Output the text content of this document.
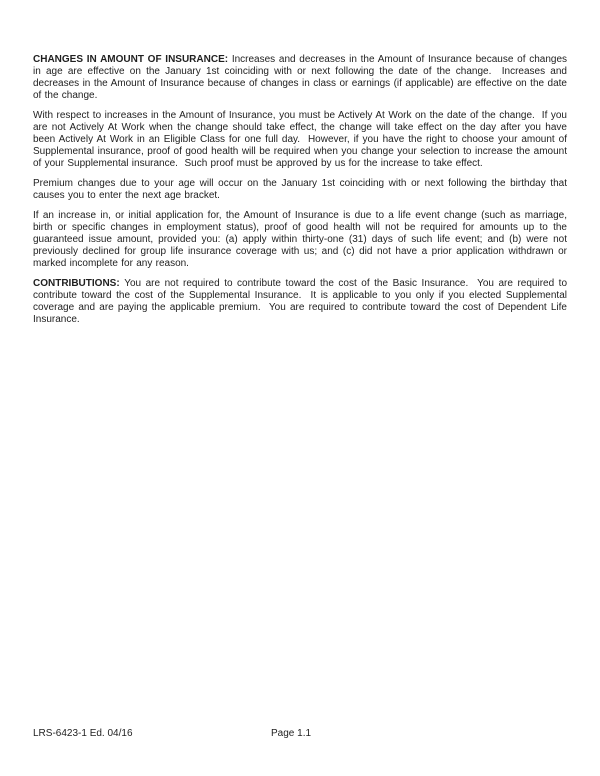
CHANGES IN AMOUNT OF INSURANCE: Increases and decreases in the Amount of Insurance because of changes in age are effective on the January 1st coinciding with or next following the date of the change.  Increases and decreases in the Amount of Insurance because of changes in class or earnings (if applicable) are effective on the date of the change.

With respect to increases in the Amount of Insurance, you must be Actively At Work on the date of the change.  If you are not Actively At Work when the change should take effect, the change will take effect on the day after you have been Actively At Work in an Eligible Class for one full day.  However, if you have the right to choose your amount of Supplemental insurance, proof of good health will be required when you change your selection to increase the amount of your Supplemental insurance.  Such proof must be approved by us for the increase to take effect.

Premium changes due to your age will occur on the January 1st coinciding with or next following the birthday that causes you to enter the next age bracket.

If an increase in, or initial application for, the Amount of Insurance is due to a life event change (such as marriage, birth or specific changes in employment status), proof of good health will not be required for amounts up to the guaranteed issue amount, provided you: (a) apply within thirty-one (31) days of such life event; and (b) were not previously declined for group life insurance coverage with us; and (c) did not have a prior application withdrawn or marked incomplete for any reason.

CONTRIBUTIONS: You are not required to contribute toward the cost of the Basic Insurance.  You are required to contribute toward the cost of the Supplemental Insurance.  It is applicable to you only if you elected Supplemental coverage and are paying the applicable premium.  You are required to contribute toward the cost of Dependent Life Insurance.

LRS-6423-1 Ed. 04/16	Page 1.1
